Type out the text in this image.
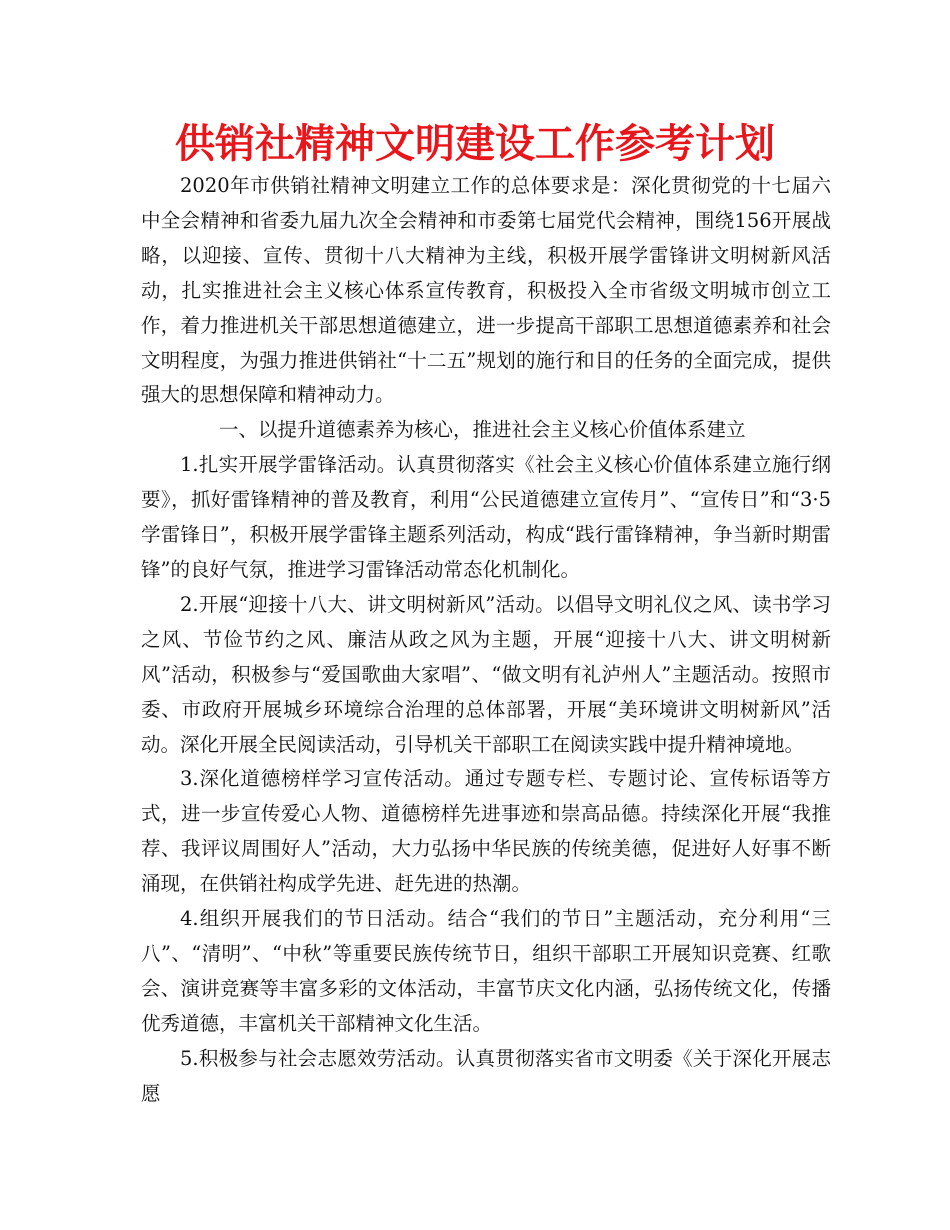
供销社精神文明建设工作参考计划

2020年市供销社精神文明建立工作的总体要求是：深化贯彻党的十七届六中全会精神和省委九届九次全会精神和市委第七届党代会精神，围绕156开展战略，以迎接、宣传、贯彻十八大精神为主线，积极开展学雷锋讲文明树新风活动，扎实推进社会主义核心体系宣传教育，积极投入全市省级文明城市创立工作，着力推进机关干部思想道德建立，进一步提高干部职工思想道德素养和社会文明程度，为强力推进供销社“十二五”规划的施行和目的任务的全面完成，提供强大的思想保障和精神动力。

一、以提升道德素养为核心，推进社会主义核心价值体系建立

1.扎实开展学雷锋活动。认真贯彻落实《社会主义核心价值体系建立施行纲要》，抓好雷锋精神的普及教育，利用“公民道德建立宣传月”、“宣传日”和“3·5学雷锋日”，积极开展学雷锋主题系列活动，构成“践行雷锋精神，争当新时期雷锋”的良好气氛，推进学习雷锋活动常态化机制化。

2.开展“迎接十八大、讲文明树新风”活动。以倡导文明礼仪之风、读书学习之风、节俭节约之风、廉洁从政之风为主题，开展“迎接十八大、讲文明树新风”活动，积极参与“爱国歌曲大家唱”、“做文明有礼泸州人”主题活动。按照市委、市政府开展城乡环境综合治理的总体部署，开展“美环境讲文明树新风”活动。深化开展全民阅读活动，引导机关干部职工在阅读实践中提升精神境地。

3.深化道德榜样学习宣传活动。通过专题专栏、专题讨论、宣传标语等方式，进一步宣传爱心人物、道德榜样先进事迹和崇高品德。持续深化开展“我推荐、我评议周围好人”活动，大力弘扬中华民族的传统美德，促进好人好事不断涌现，在供销社构成学先进、赶先进的热潮。

4.组织开展我们的节日活动。结合“我们的节日”主题活动，充分利用“三八”、“清明”、“中秋”等重要民族传统节日，组织干部职工开展知识竞赛、红歌会、演讲竞赛等丰富多彩的文体活动，丰富节庆文化内涵，弘扬传统文化，传播优秀道德，丰富机关干部精神文化生活。

5.积极参与社会志愿效劳活动。认真贯彻落实省市文明委《关于深化开展志愿
